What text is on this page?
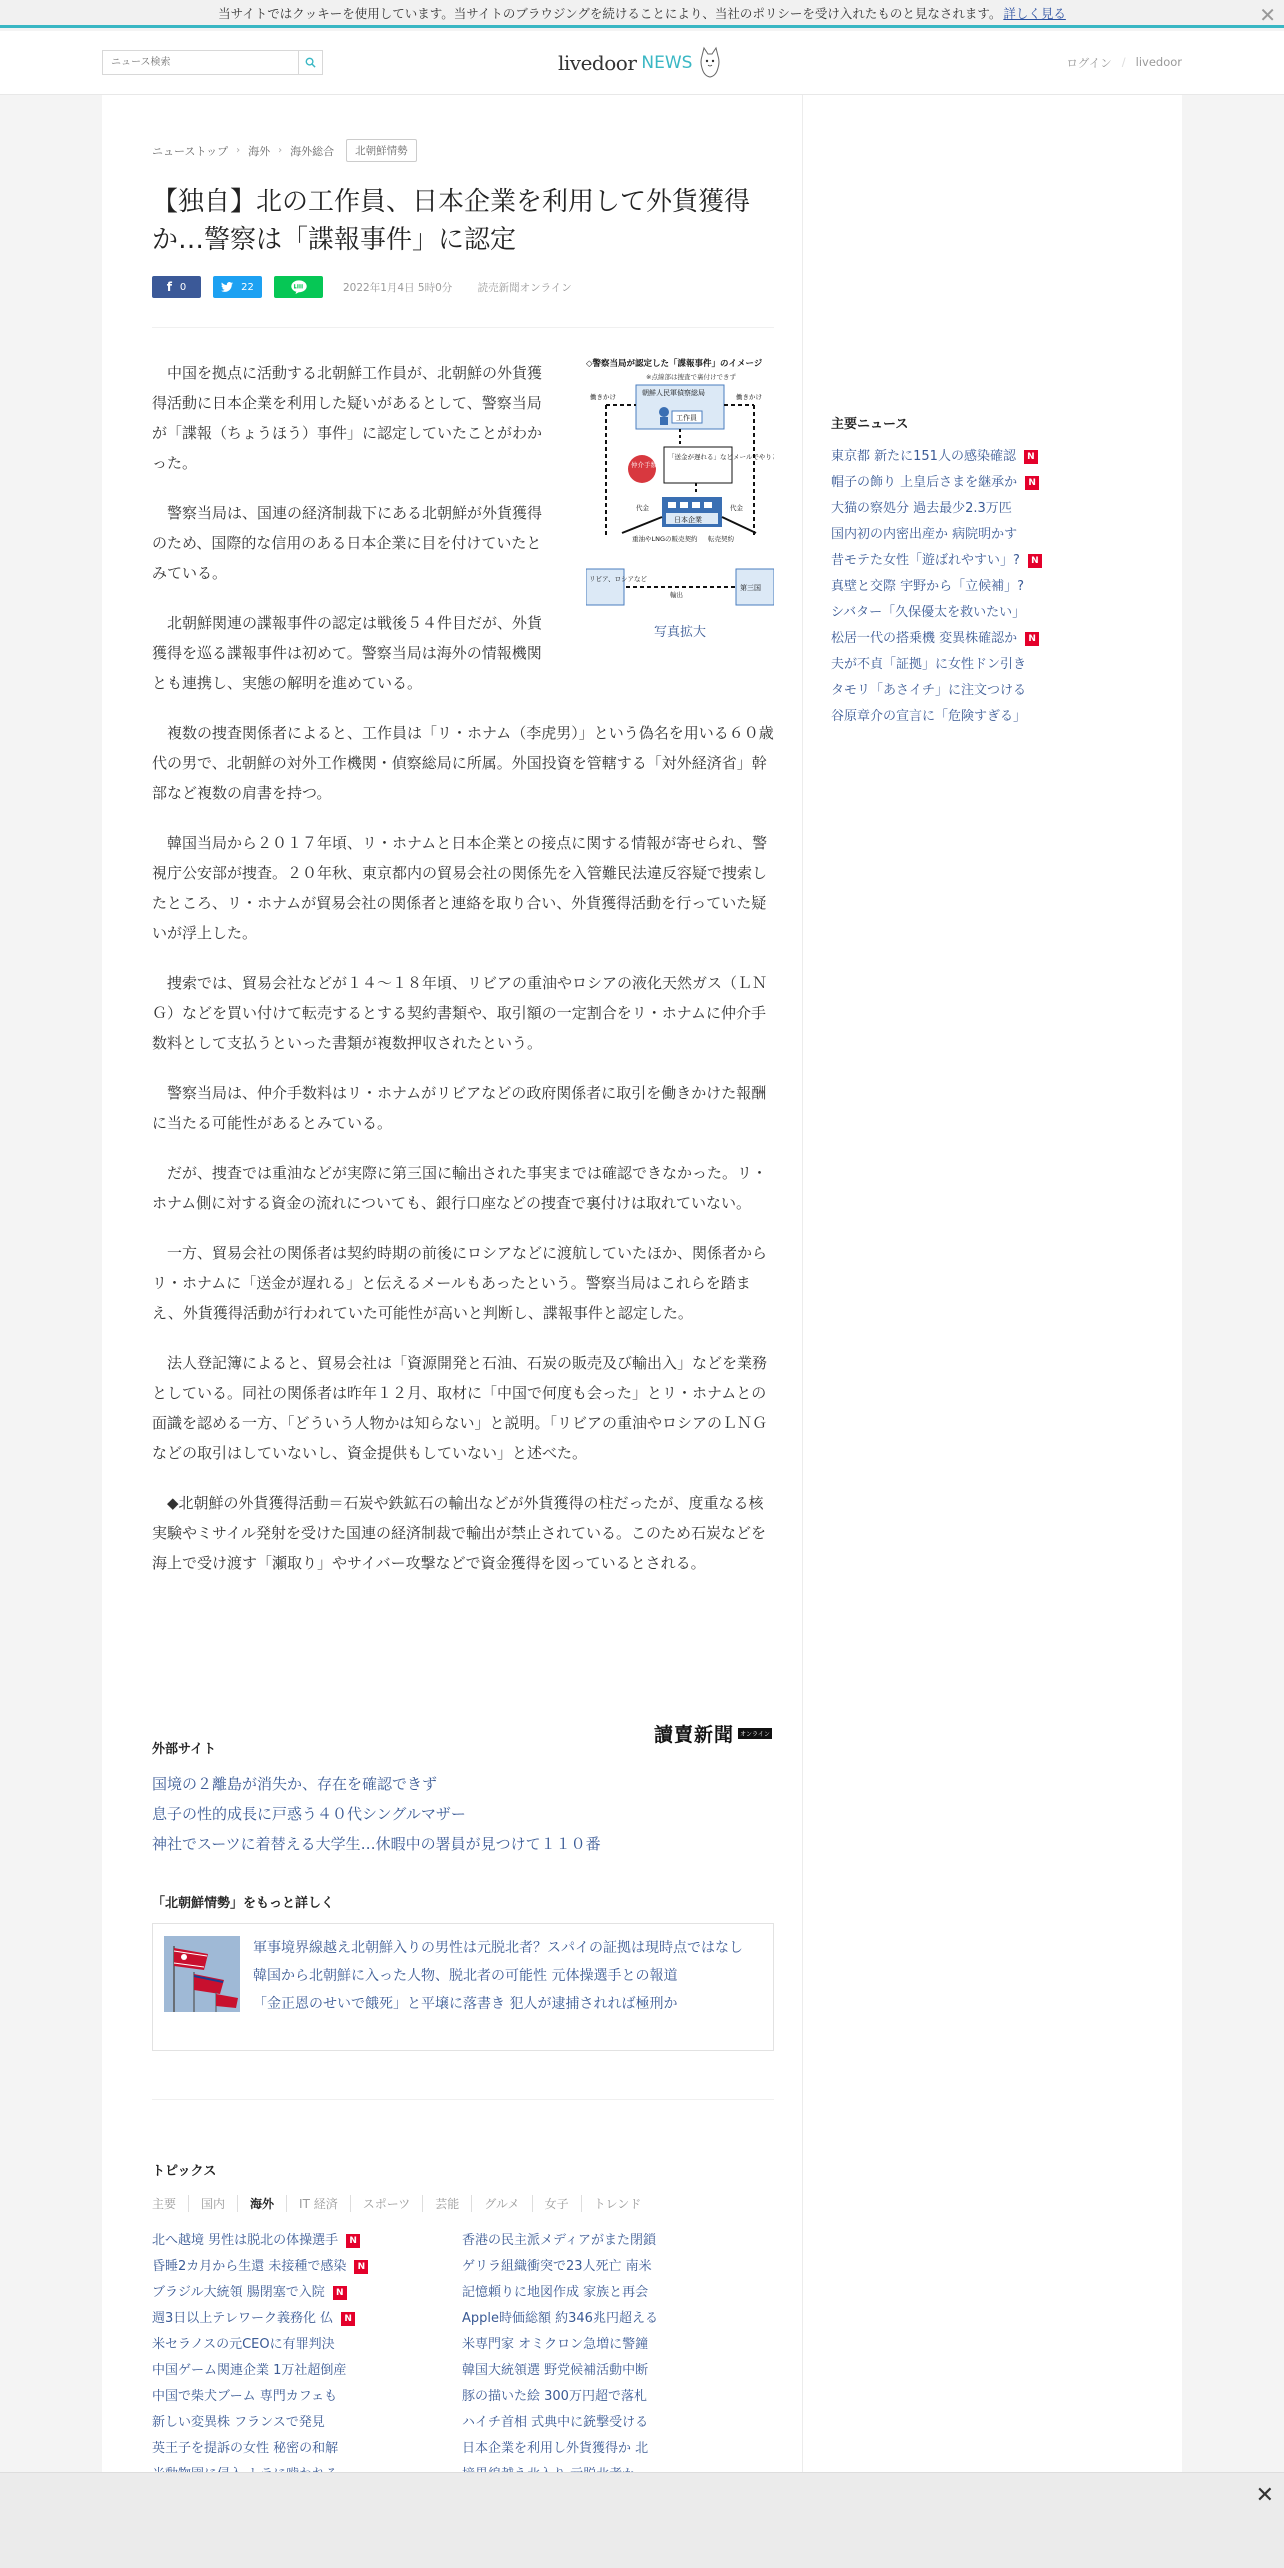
当サイトではクッキーを使用しています。当サイトのブラウジングを続けることにより、当社のポリシーを受け入れたものと見なされます。 詳しく見る	✕
ニュース検索
livedoor NEWS	ログイン / livedoor
ニューストップ › 海外 › 海外総合	北朝鮮情勢
【独自】北の工作員、日本企業を利用して外貨獲得か…警察は「諜報事件」に認定
f 0	22	2022年1月4日 5時0分 読売新聞オンライン
◇警察当局が認定した「諜報事件」のイメージ
※点線部は捜査で裏付けできず
朝鮮人民軍偵察総局
工作員
働きかけ	働きかけ
仲介手数料
「送金が遅れる」などメールでやりとり
日本企業
代金	代金
重油やLNGの販売契約 転売契約
リビア、ロシアなど
輸出
第三国
写真拡大

中国を拠点に活動する北朝鮮工作員が、北朝鮮の外貨獲得活動に日本企業を利用した疑いがあるとして、警察当局が「諜報（ちょうほう）事件」に認定していたことがわかった。

警察当局は、国連の経済制裁下にある北朝鮮が外貨獲得のため、国際的な信用のある日本企業に目を付けていたとみている。

北朝鮮関連の諜報事件の認定は戦後５４件目だが、外貨獲得を巡る諜報事件は初めて。警察当局は海外の情報機関とも連携し、実態の解明を進めている。

複数の捜査関係者によると、工作員は「リ・ホナム（李虎男）」という偽名を用いる６０歳代の男で、北朝鮮の対外工作機関・偵察総局に所属。外国投資を管轄する「対外経済省」幹部など複数の肩書を持つ。

韓国当局から２０１７年頃、リ・ホナムと日本企業との接点に関する情報が寄せられ、警視庁公安部が捜査。２０年秋、東京都内の貿易会社の関係先を入管難民法違反容疑で捜索したところ、リ・ホナムが貿易会社の関係者と連絡を取り合い、外貨獲得活動を行っていた疑いが浮上した。

捜索では、貿易会社などが１４～１８年頃、リビアの重油やロシアの液化天然ガス（ＬＮＧ）などを買い付けて転売するとする契約書類や、取引額の一定割合をリ・ホナムに仲介手数料として支払うといった書類が複数押収されたという。

警察当局は、仲介手数料はリ・ホナムがリビアなどの政府関係者に取引を働きかけた報酬に当たる可能性があるとみている。

だが、捜査では重油などが実際に第三国に輸出された事実までは確認できなかった。リ・ホナム側に対する資金の流れについても、銀行口座などの捜査で裏付けは取れていない。

一方、貿易会社の関係者は契約時期の前後にロシアなどに渡航していたほか、関係者からリ・ホナムに「送金が遅れる」と伝えるメールもあったという。警察当局はこれらを踏まえ、外貨獲得活動が行われていた可能性が高いと判断し、諜報事件と認定した。

法人登記簿によると、貿易会社は「資源開発と石油、石炭の販売及び輸出入」などを業務としている。同社の関係者は昨年１２月、取材に「中国で何度も会った」とリ・ホナムとの面識を認める一方、「どういう人物かは知らない」と説明。「リビアの重油やロシアのＬＮＧなどの取引はしていないし、資金提供もしていない」と述べた。

◆北朝鮮の外貨獲得活動＝石炭や鉄鉱石の輸出などが外貨獲得の柱だったが、度重なる核実験やミサイル発射を受けた国連の経済制裁で輸出が禁止されている。このため石炭などを海上で受け渡す「瀬取り」やサイバー攻撃などで資金獲得を図っているとされる。

讀賣新聞	オンライン
外部サイト
国境の２離島が消失か、存在を確認できず
息子の性的成長に戸惑う４０代シングルマザー
神社でスーツに着替える大学生…休暇中の署員が見つけて１１０番
「北朝鮮情勢」をもっと詳しく
軍事境界線越え北朝鮮入りの男性は元脱北者？スパイの証拠は現時点ではなし
韓国から北朝鮮に入った人物、脱北者の可能性 元体操選手との報道
「金正恩のせいで餓死」と平壌に落書き 犯人が逮捕されれば極刑か
トピックス
主要	国内	海外	IT 経済	スポーツ	芸能	グルメ	女子	トレンド
北へ越境 男性は脱北の体操選手	N	香港の民主派メディアがまた閉鎖
昏睡2カ月から生還 未接種で感染	N	ゲリラ組織衝突で23人死亡 南米
ブラジル大統領 腸閉塞で入院	N	記憶頼りに地図作成 家族と再会
週3日以上テレワーク義務化 仏	N	Apple時価総額 約346兆円超える
米セラノスの元CEOに有罪判決	米専門家 オミクロン急増に警鐘
中国ゲーム関連企業 1万社超倒産	韓国大統領選 野党候補活動中断
中国で柴犬ブーム 専門カフェも	豚の描いた絵 300万円超で落札
新しい変異株 フランスで発見	ハイチ首相 式典中に銃撃受ける
英王子を提訴の女性 秘密の和解	日本企業を利用し外貨獲得か 北
主要ニュース
東京都 新たに151人の感染確認	N
帽子の飾り 上皇后さまを継承か	N
大猫の察処分 過去最少2.3万匹
国内初の内密出産か 病院明かす
昔モテた女性「遊ばれやすい」?	N
真壁と交際 宇野から「立候補」?
シバター「久保優太を救いたい」
松居一代の搭乗機 変異株確認か	N
夫が不貞「証拠」に女性ドン引き
タモリ「あさイチ」に注文つける
谷原章介の宣言に「危険すぎる」
✕
